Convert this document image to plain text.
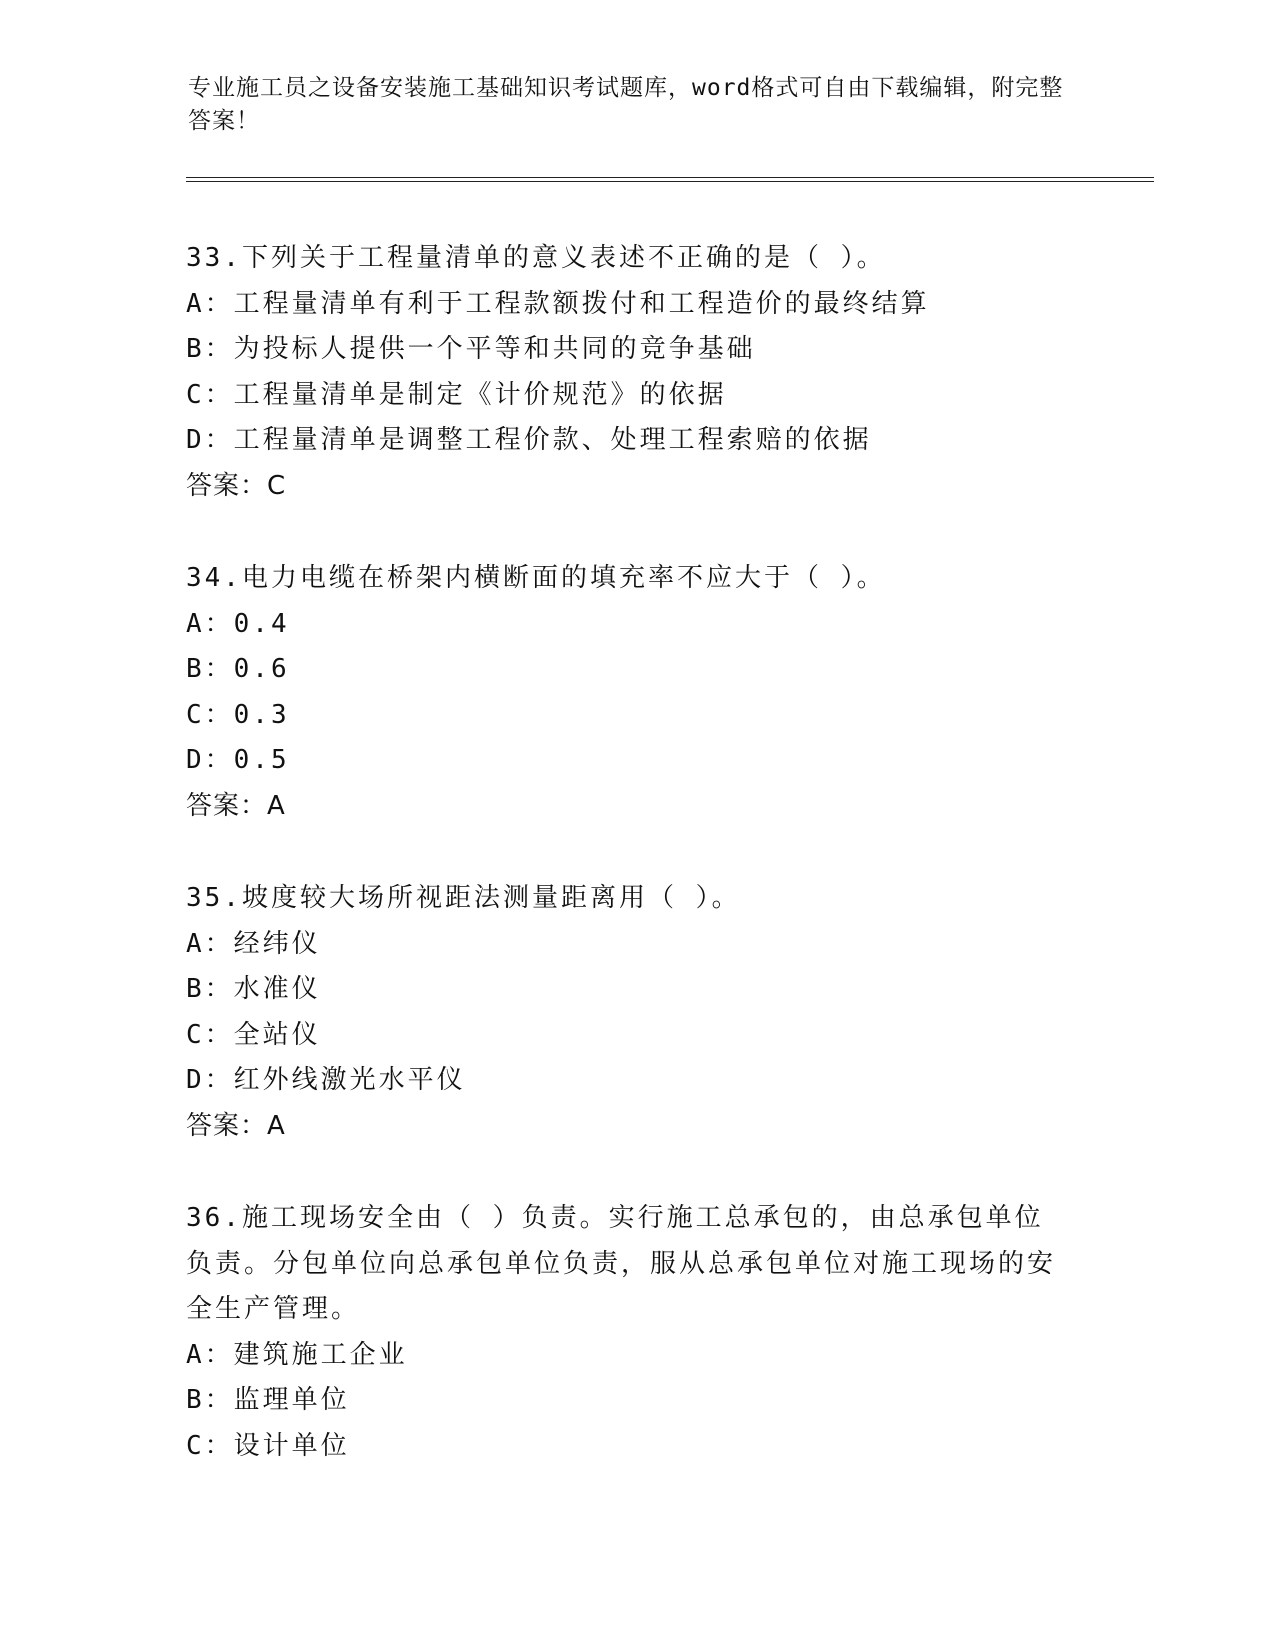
专业施工员之设备安装施工基础知识考试题库，word格式可自由下载编辑，附完整答案！
33.下列关于工程量清单的意义表述不正确的是（ ）。
A：工程量清单有利于工程款额拨付和工程造价的最终结算
B：为投标人提供一个平等和共同的竞争基础
C：工程量清单是制定《计价规范》的依据
D：工程量清单是调整工程价款、处理工程索赔的依据
答案：C
34.电力电缆在桥架内横断面的填充率不应大于（ ）。
A：0.4
B：0.6
C：0.3
D：0.5
答案：A
35.坡度较大场所视距法测量距离用（ ）。
A：经纬仪
B：水准仪
C：全站仪
D：红外线激光水平仪
答案：A
36.施工现场安全由（ ）负责。实行施工总承包的，由总承包单位负责。分包单位向总承包单位负责，服从总承包单位对施工现场的安全生产管理。
A：建筑施工企业
B：监理单位
C：设计单位
